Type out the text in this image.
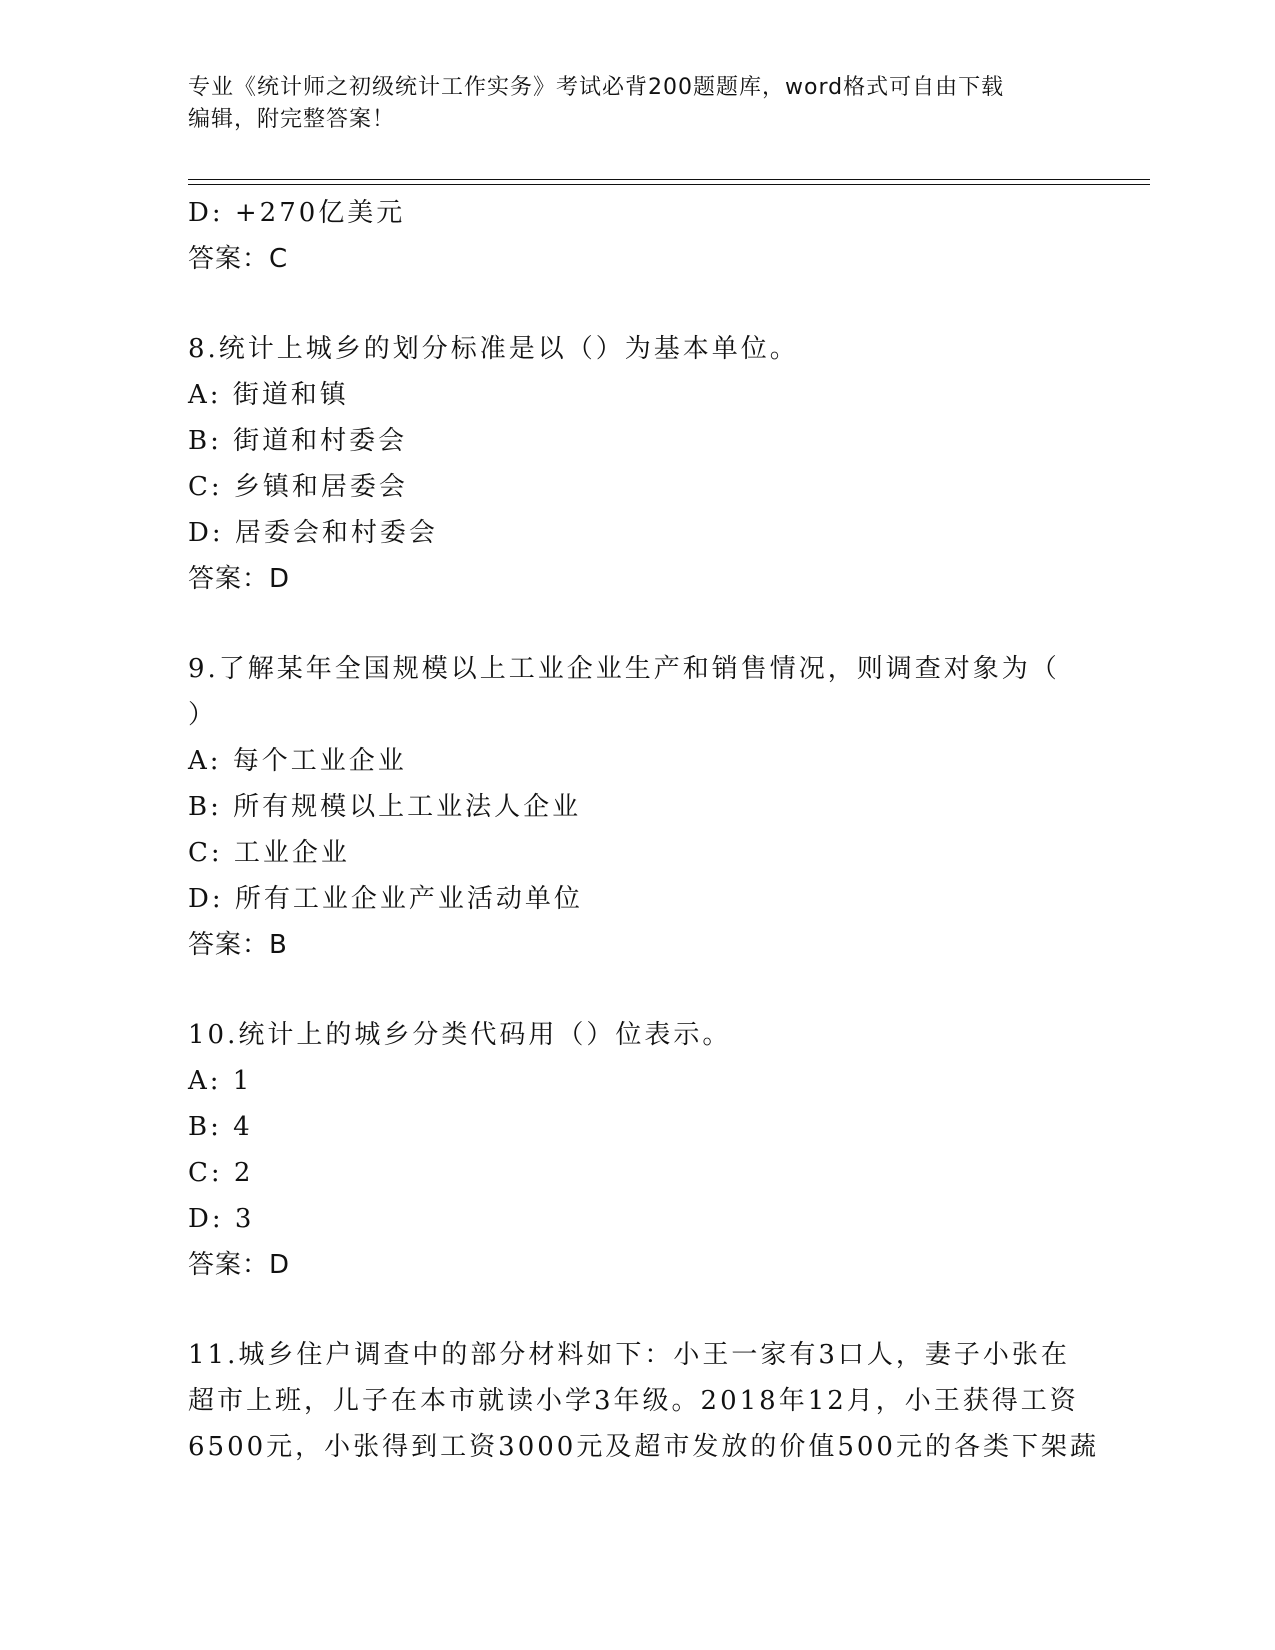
专业《统计师之初级统计工作实务》考试必背200题题库，word格式可自由下载
编辑，附完整答案！
D: +270亿美元
答案：C
8.统计上城乡的划分标准是以（）为基本单位。
A: 街道和镇
B: 街道和村委会
C: 乡镇和居委会
D: 居委会和村委会
答案：D
9.了解某年全国规模以上工业企业生产和销售情况，则调查对象为（
）
A: 每个工业企业
B: 所有规模以上工业法人企业
C: 工业企业
D: 所有工业企业产业活动单位
答案：B
10.统计上的城乡分类代码用（）位表示。
A: 1
B: 4
C: 2
D: 3
答案：D
11.城乡住户调查中的部分材料如下：小王一家有3口人，妻子小张在
超市上班，儿子在本市就读小学3年级。2018年12月，小王获得工资
6500元，小张得到工资3000元及超市发放的价值500元的各类下架蔬
